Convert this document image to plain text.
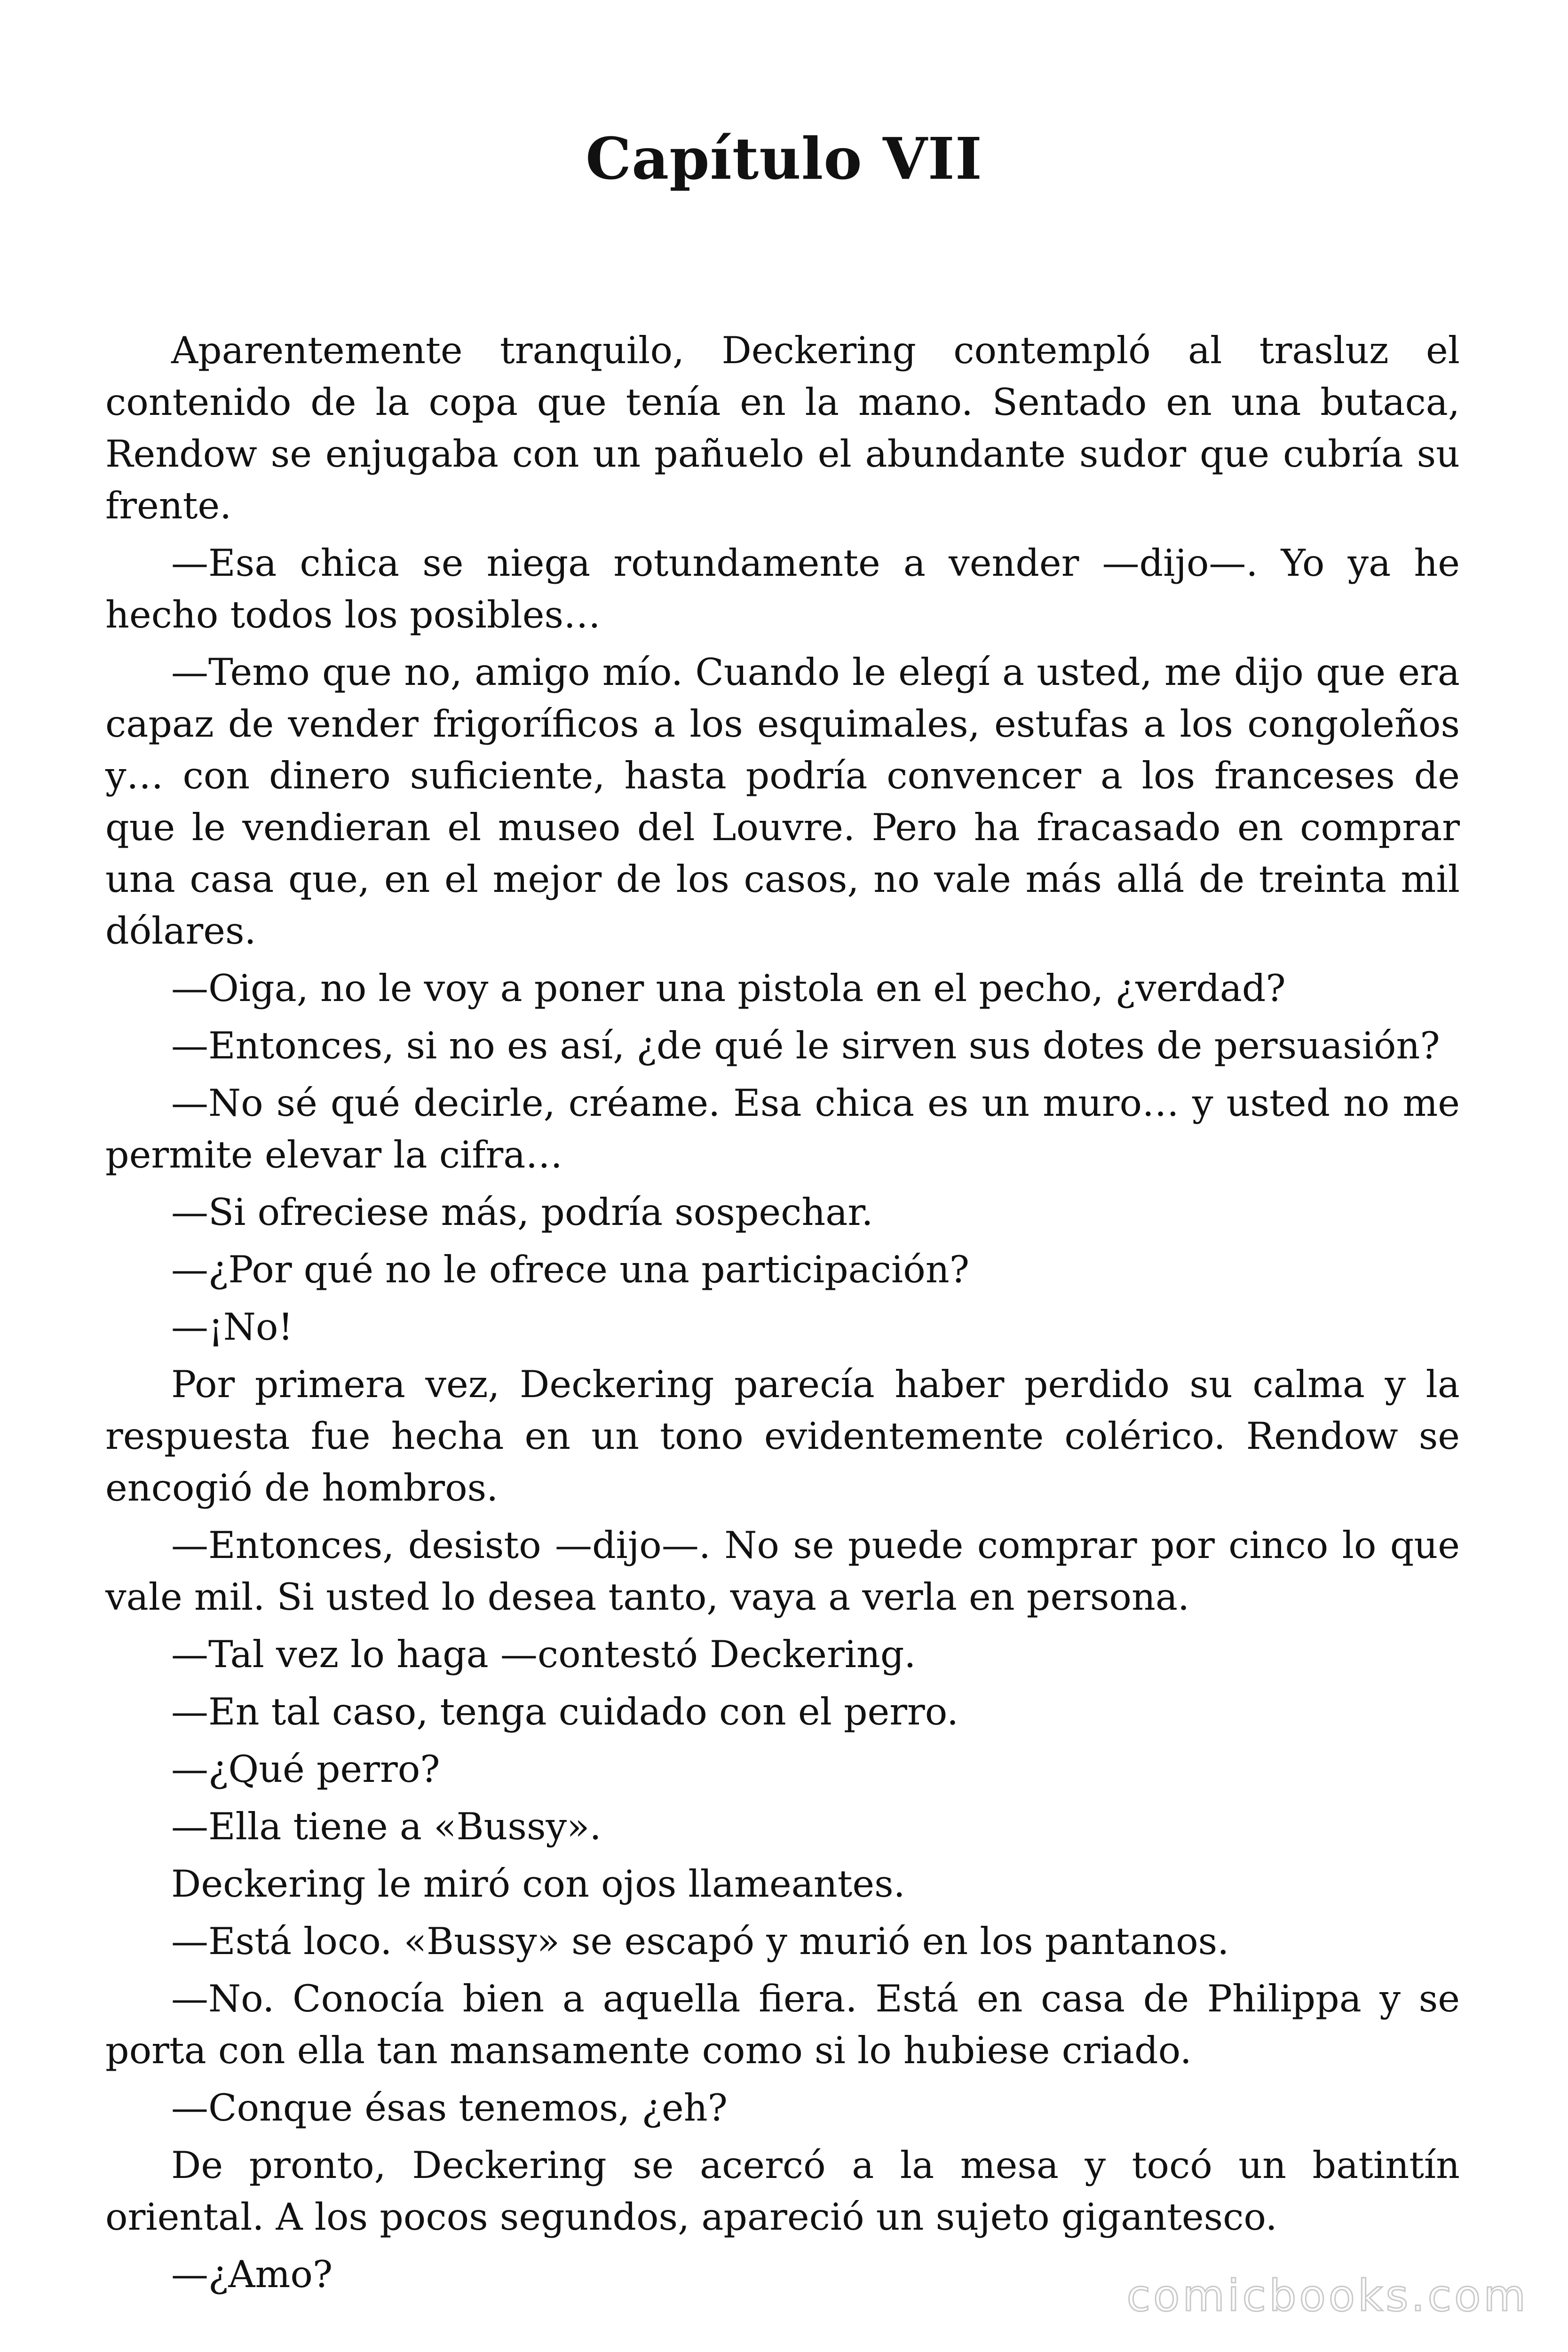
Capítulo VII

Aparentemente tranquilo, Deckering contempló al trasluz el contenido de la copa que tenía en la mano. Sentado en una butaca, Rendow se enjugaba con un pañuelo el abundante sudor que cubría su frente.

—Esa chica se niega rotundamente a vender —dijo—. Yo ya he hecho todos los posibles…

—Temo que no, amigo mío. Cuando le elegí a usted, me dijo que era capaz de vender frigoríficos a los esquimales, estufas a los congoleños y… con dinero suficiente, hasta podría convencer a los franceses de que le vendieran el museo del Louvre. Pero ha fracasado en comprar una casa que, en el mejor de los casos, no vale más allá de treinta mil dólares.

—Oiga, no le voy a poner una pistola en el pecho, ¿verdad?

—Entonces, si no es así, ¿de qué le sirven sus dotes de persuasión?

—No sé qué decirle, créame. Esa chica es un muro… y usted no me permite elevar la cifra…

—Si ofreciese más, podría sospechar.

—¿Por qué no le ofrece una participación?

—¡No!

Por primera vez, Deckering parecía haber perdido su calma y la respuesta fue hecha en un tono evidentemente colérico. Rendow se encogió de hombros.

—Entonces, desisto —dijo—. No se puede comprar por cinco lo que vale mil. Si usted lo desea tanto, vaya a verla en persona.

—Tal vez lo haga —contestó Deckering.

—En tal caso, tenga cuidado con el perro.

—¿Qué perro?

—Ella tiene a «Bussy».

Deckering le miró con ojos llameantes.

—Está loco. «Bussy» se escapó y murió en los pantanos.

—No. Conocía bien a aquella fiera. Está en casa de Philippa y se porta con ella tan mansamente como si lo hubiese criado.

—Conque ésas tenemos, ¿eh?

De pronto, Deckering se acercó a la mesa y tocó un batintín oriental. A los pocos segundos, apareció un sujeto gigantesco.

—¿Amo?	comicbooks.com
